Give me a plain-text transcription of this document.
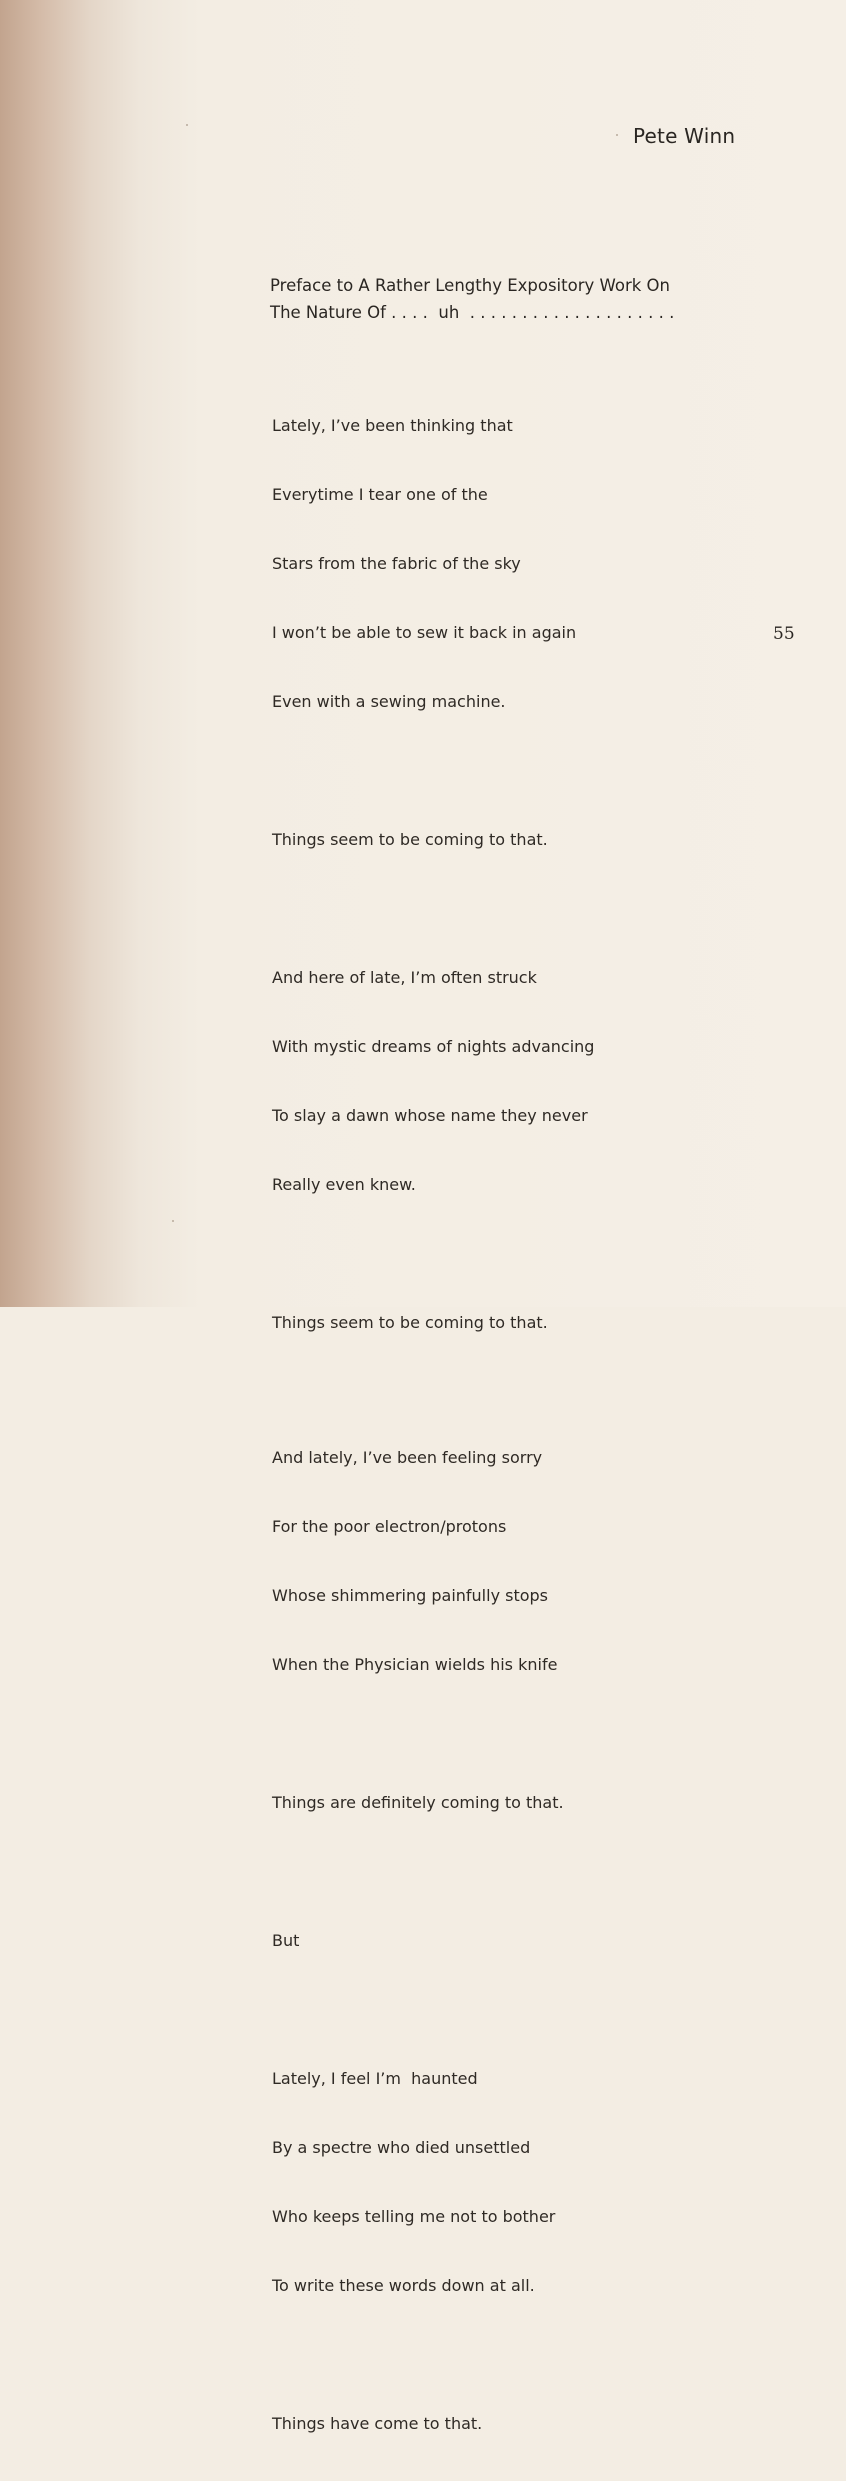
Pete Winn
Preface to A Rather Lengthy Expository Work On
The Nature Of . . . .  uh  . . . . . . . . . . . . . . . . . . . .

Lately, I’ve been thinking that

Everytime I tear one of the

Stars from the fabric of the sky

I won’t be able to sew it back in again

Even with a sewing machine.

Things seem to be coming to that.

And here of late, I’m often struck

With mystic dreams of nights advancing

To slay a dawn whose name they never

Really even knew.

Things seem to be coming to that.

And lately, I’ve been feeling sorry

For the poor electron/protons

Whose shimmering painfully stops

When the Physician wields his knife

Things are definitely coming to that.

But

Lately, I feel I’m  haunted

By a spectre who died unsettled

Who keeps telling me not to bother

To write these words down at all.

Things have come to that.

55
